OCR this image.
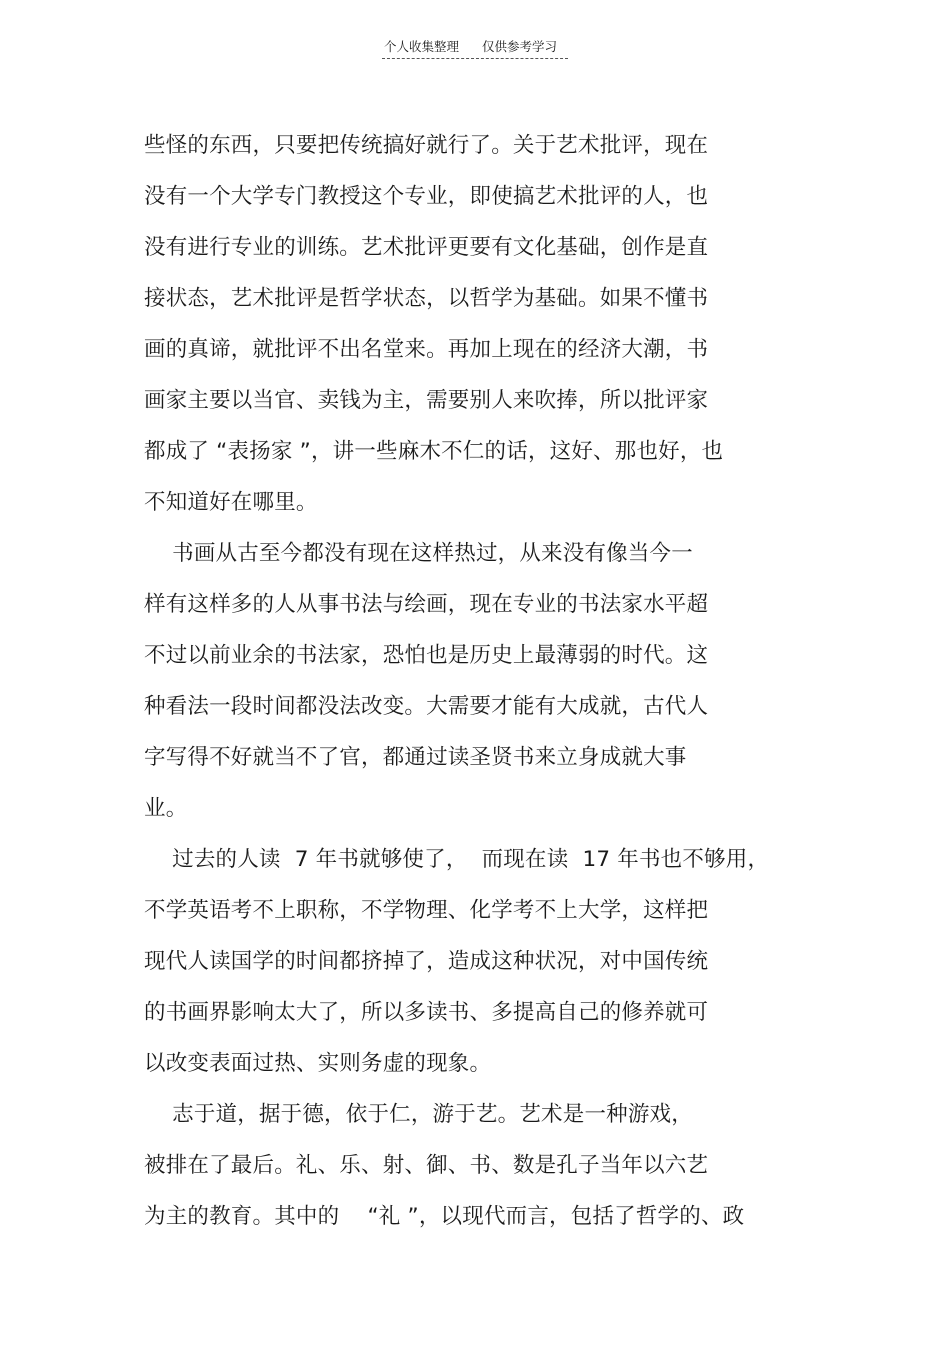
个人收集整理 仅供参考学习
些怪的东西，只要把传统搞好就行了。关于艺术批评，现在
没有一个大学专门教授这个专业，即使搞艺术批评的人，也
没有进行专业的训练。艺术批评更要有文化基础，创作是直
接状态，艺术批评是哲学状态，以哲学为基础。如果不懂书
画的真谛，就批评不出名堂来。再加上现在的经济大潮，书
画家主要以当官、卖钱为主，需要别人来吹捧，所以批评家
都成了 “表扬家 ”，讲一些麻木不仁的话，这好、那也好，也
不知道好在哪里。
书画从古至今都没有现在这样热过，从来没有像当今一
样有这样多的人从事书法与绘画，现在专业的书法家水平超
不过以前业余的书法家，恐怕也是历史上最薄弱的时代。这
种看法一段时间都没法改变。大需要才能有大成就，古代人
字写得不好就当不了官，都通过读圣贤书来立身成就大事
业。
过去的人读  7 年书就够使了，  而现在读  17 年书也不够用，
不学英语考不上职称，不学物理、化学考不上大学，这样把
现代人读国学的时间都挤掉了，造成这种状况，对中国传统
的书画界影响太大了，所以多读书、多提高自己的修养就可
以改变表面过热、实则务虚的现象。
志于道，据于德，依于仁，游于艺。艺术是一种游戏，
被排在了最后。礼、乐、射、御、书、数是孔子当年以六艺
为主的教育。其中的    “礼 ”，以现代而言，包括了哲学的、政
